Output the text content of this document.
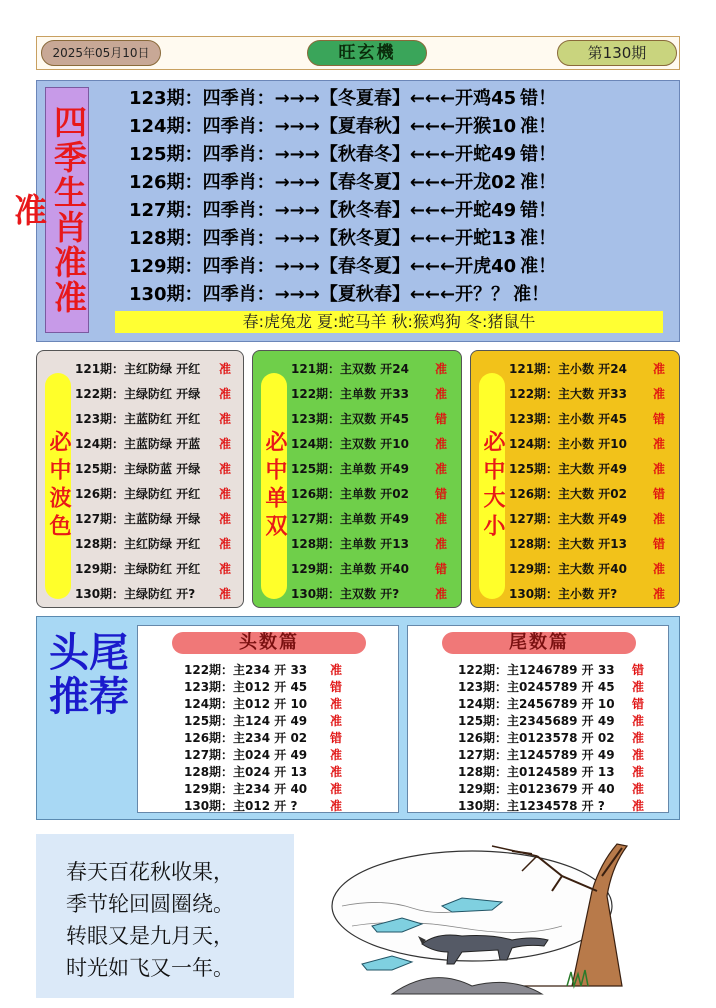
2025年05月10日	旺玄機	第130期
四季生肖准准准
123期：四季肖：→→→【冬夏春】←←←开鸡45 错！
124期：四季肖：→→→【夏春秋】←←←开猴10 准！
125期：四季肖：→→→【秋春冬】←←←开蛇49 错！
126期：四季肖：→→→【春冬夏】←←←开龙02 准！
127期：四季肖：→→→【秋冬春】←←←开蛇49 错！
128期：四季肖：→→→【秋冬夏】←←←开蛇13 准！
129期：四季肖：→→→【春冬夏】←←←开虎40 准！
130期：四季肖：→→→【夏秋春】←←←开？？ 准！
春:虎兔龙 夏:蛇马羊 秋:猴鸡狗 冬:猪鼠牛
必中波色
121期：主红防绿 开红 准
122期：主绿防红 开绿 准
123期：主蓝防红 开红 准
124期：主蓝防绿 开蓝 准
125期：主绿防蓝 开绿 准
126期：主绿防红 开红 准
127期：主蓝防绿 开绿 准
128期：主红防绿 开红 准
129期：主绿防红 开红 准
130期：主绿防红 开? 准
必中单双
121期：主双数 开24 准
122期：主单数 开33 准
123期：主双数 开45 错
124期：主双数 开10 准
125期：主单数 开49 准
126期：主单数 开02 错
127期：主单数 开49 准
128期：主单数 开13 准
129期：主单数 开40 错
130期：主双数 开?	准
必中大小
121期：主小数 开24 准
122期：主大数 开33 准
123期：主小数 开45 错
124期：主小数 开10 准
125期：主大数 开49 准
126期：主大数 开02 错
127期：主大数 开49 准
128期：主大数 开13 错
129期：主大数 开40 准
130期：主小数 开?	准
头尾推荐
头数篇
122期：主234 开 33 准
123期：主012 开 45 错
124期：主012 开 10 准
125期：主124 开 49 准
126期：主234 开 02 错
127期：主024 开 49 准
128期：主024 开 13 准
129期：主234 开 40 准
130期：主012 开 ?	准
尾数篇
122期：主1246789 开 33 错
123期：主0245789 开 45 准
124期：主2456789 开 10 错
125期：主2345689 开 49 准
126期：主0123578 开 02 准
127期：主1245789 开 49 准
128期：主0124589 开 13 准
129期：主0123679 开 40 准
130期：主1234578 开 ? 准
春天百花秋收果，
季节轮回圆圈绕。
转眼又是九月天，
时光如飞又一年。
